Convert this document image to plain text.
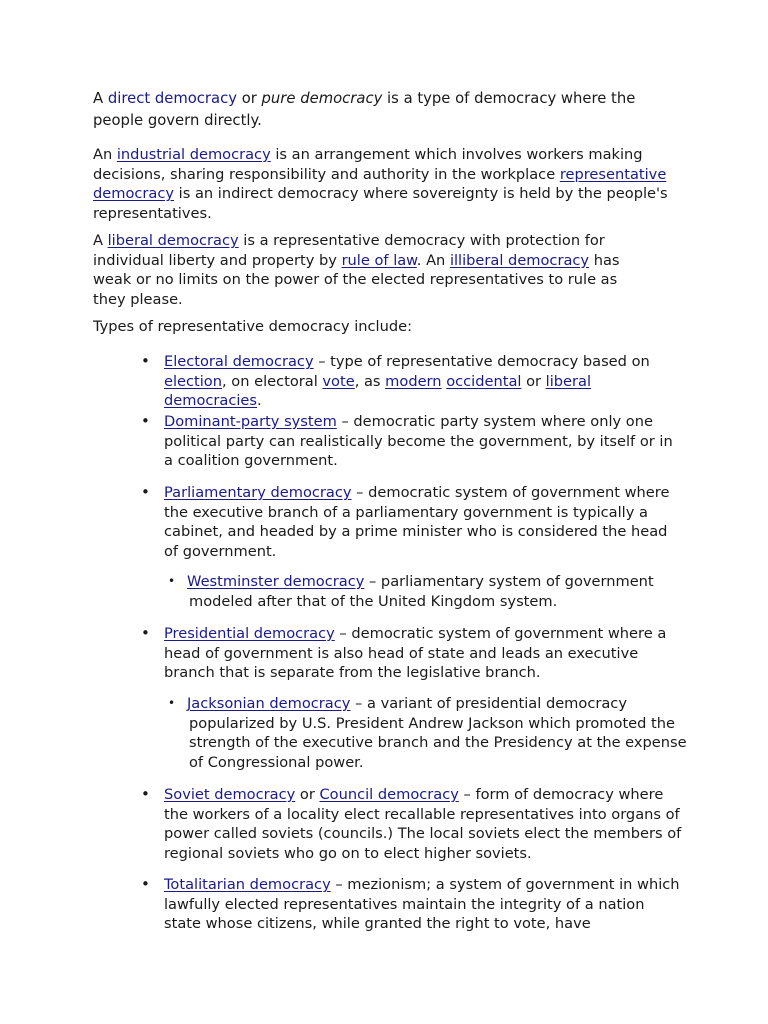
A direct democracy or pure democracy is a type of democracy where the people govern directly.

An industrial democracy is an arrangement which involves workers making decisions, sharing responsibility and authority in the workplace representative democracy is an indirect democracy where sovereignty is held by the people's representatives.

A liberal democracy is a representative democracy with protection for individual liberty and property by rule of law. An illiberal democracy has weak or no limits on the power of the elected representatives to rule as they please.

Types of representative democracy include:

• Electoral democracy – type of representative democracy based on election, on electoral vote, as modern occidental or liberal democracies.
• Dominant-party system – democratic party system where only one political party can realistically become the government, by itself or in a coalition government.
• Parliamentary democracy – democratic system of government where the executive branch of a parliamentary government is typically a cabinet, and headed by a prime minister who is considered the head of government.
• Westminster democracy – parliamentary system of government
modeled after that of the United Kingdom system.
• Presidential democracy – democratic system of government where a head of government is also head of state and leads an executive branch that is separate from the legislative branch.
• Jacksonian democracy – a variant of presidential democracy
popularized by U.S. President Andrew Jackson which promoted the strength of the executive branch and the Presidency at the expense of Congressional power.
• Soviet democracy or Council democracy – form of democracy where the workers of a locality elect recallable representatives into organs of power called soviets (councils.) The local soviets elect the members of regional soviets who go on to elect higher soviets.
• Totalitarian democracy – mezionism; a system of government in which lawfully elected representatives maintain the integrity of a nation state whose citizens, while granted the right to vote, have
